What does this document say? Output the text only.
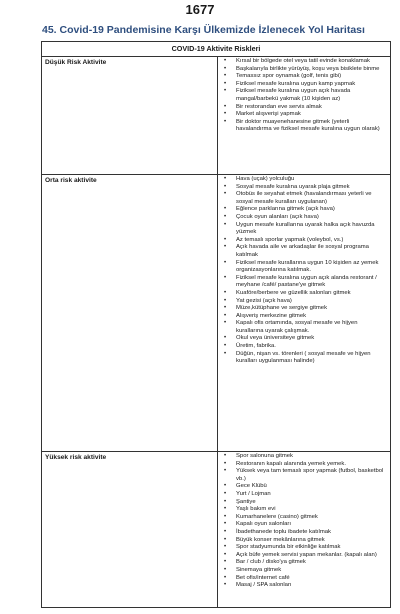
1677
45. Covid-19 Pandemisine Karşı Ülkemizde İzlenecek Yol Haritası
COVID-19 Aktivite Riskleri
Düşük Risk Aktivite	• Kırsal bir bölgede otel veya tatil evinde konaklamak
• Başkalarıyla birlikte yürüyüş, koşu veya bisiklete binme
• Temassız spor oynamak (golf, tenis gibi)
• Fiziksel mesafe kuralına uygun kamp yapmak
• Fiziksel mesafe kuralına uygun açık havada mangal/barbekü yakmak (10 kişiden az)
• Bir restorandan eve servis almak
• Market alışverişi yapmak
• Bir doktor muayenehanesine gitmek (yeterli havalandırma ve fiziksel mesafe kuralına uygun olarak)
Orta risk aktivite	• Hava (uçak) yolculuğu
• Sosyal mesafe kuralına uyarak plaja gitmek
• Otobüs ile seyahat etmek (havalandırması yeterli ve sosyal mesafe kuralları uygulanan)
• Eğlence parklarına gitmek (açık hava)
• Çocuk oyun alanları (açık hava)
• Uygun mesafe kurallarına uyarak halka açık havuzda yüzmek
• Az temaslı sporlar yapmak (voleybol, vs.)
• Açık havada aile ve arkadaşlar ile sosyal programa katılmak
• Fiziksel mesafe kurallarına uygun 10 kişiden az yemek organizasyonlarına katılmak.
• Fiziksel mesafe kuralına uygun açık alanda restorant / meyhane /café/ pastane'ye gitmek
• Kuaföre/berbere ve güzellik salonları gitmek
• Yat gezisi (açık hava)
• Müze,kütüphane ve sergiye gitmek
• Alışveriş merkezine gitmek
• Kapalı ofis ortamında, sosyal mesafe ve hijyen kurallarına uyarak çalışmak.
• Okul veya üniversiteye gitmek
• Üretim, fabrika.
• Düğün, nişan vs. törenleri ( sosyal mesafe ve hijyen kuralları uygulanması halinde)
Yüksek risk aktivite	• Spor salonuna gitmek
• Restoranın kapalı alanında yemek yemek.
• Yüksek veya tam temaslı spor yapmak (futbol, basketbol vb.)
• Gece Klübü
• Yurt / Lojman
• Şantiye
• Yaşlı bakım evi
• Kumarhanelere (casino) gitmek
• Kapalı oyun salonları
• İbadethanede toplu ibadete katılmak
• Büyük konser mekânlarına gitmek
• Spor stadyumunda bir etkinliğe katılmak
• Açık büfe yemek servisi yapan mekanlar. (kapalı alan)
• Bar / club / disko'ya gitmek
• Sinemaya gitmek
• Bet ofis/internet café
• Masaj / SPA salonları
